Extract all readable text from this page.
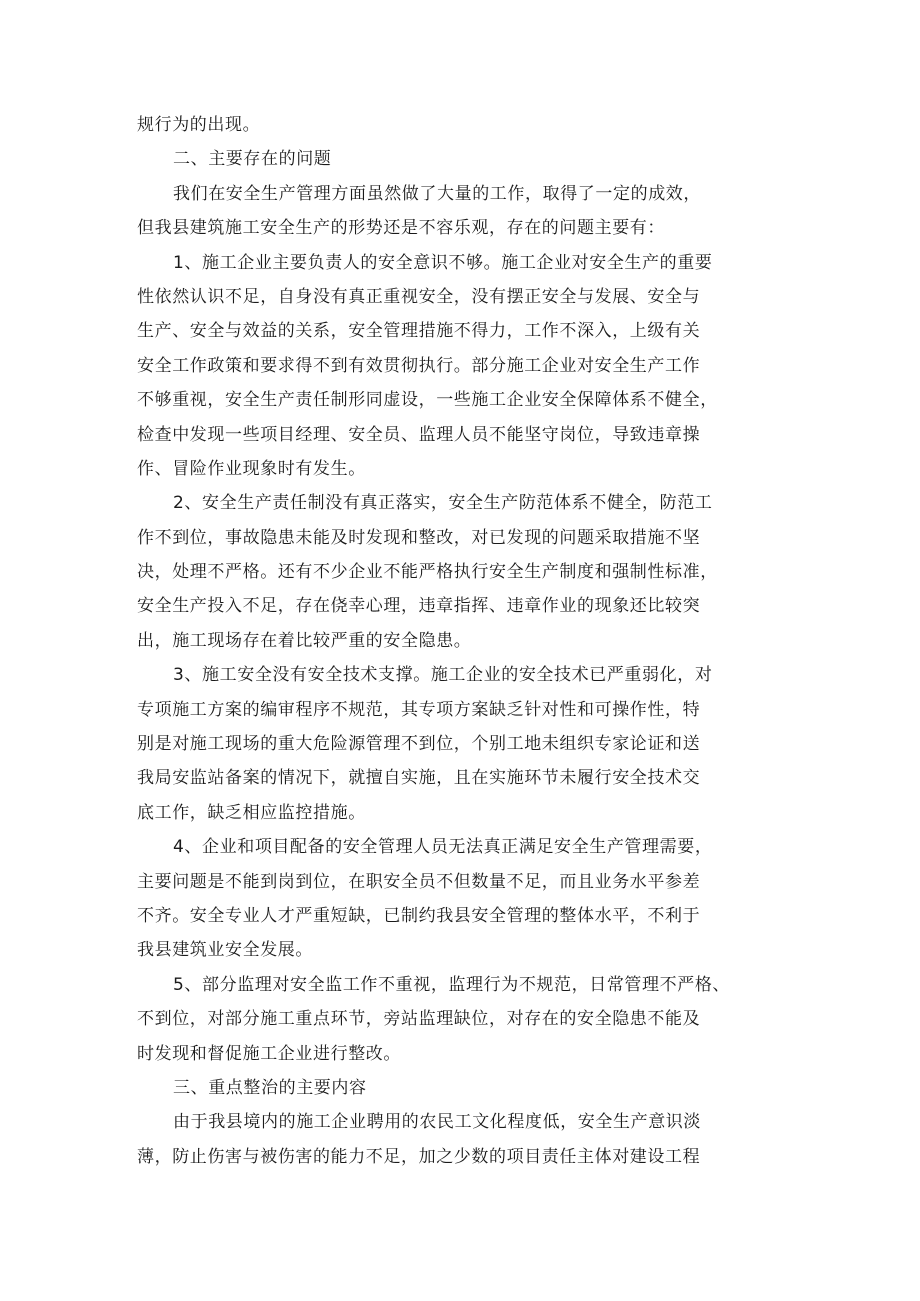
规行为的出现。
二、主要存在的问题
我们在安全生产管理方面虽然做了大量的工作，取得了一定的成效，
但我县建筑施工安全生产的形势还是不容乐观，存在的问题主要有：
1、施工企业主要负责人的安全意识不够。施工企业对安全生产的重要
性依然认识不足，自身没有真正重视安全，没有摆正安全与发展、安全与
生产、安全与效益的关系，安全管理措施不得力，工作不深入，上级有关
安全工作政策和要求得不到有效贯彻执行。部分施工企业对安全生产工作
不够重视，安全生产责任制形同虚设，一些施工企业安全保障体系不健全，
检查中发现一些项目经理、安全员、监理人员不能坚守岗位，导致违章操
作、冒险作业现象时有发生。
2、安全生产责任制没有真正落实，安全生产防范体系不健全，防范工
作不到位，事故隐患未能及时发现和整改，对已发现的问题采取措施不坚
决，处理不严格。还有不少企业不能严格执行安全生产制度和强制性标准，
安全生产投入不足，存在侥幸心理，违章指挥、违章作业的现象还比较突
出，施工现场存在着比较严重的安全隐患。
3、施工安全没有安全技术支撑。施工企业的安全技术已严重弱化，对
专项施工方案的编审程序不规范，其专项方案缺乏针对性和可操作性，特
别是对施工现场的重大危险源管理不到位，个别工地未组织专家论证和送
我局安监站备案的情况下，就擅自实施，且在实施环节未履行安全技术交
底工作，缺乏相应监控措施。
4、企业和项目配备的安全管理人员无法真正满足安全生产管理需要，
主要问题是不能到岗到位，在职安全员不但数量不足，而且业务水平参差
不齐。安全专业人才严重短缺，已制约我县安全管理的整体水平，不利于
我县建筑业安全发展。
5、部分监理对安全监工作不重视，监理行为不规范，日常管理不严格、
不到位，对部分施工重点环节，旁站监理缺位，对存在的安全隐患不能及
时发现和督促施工企业进行整改。
三、重点整治的主要内容
由于我县境内的施工企业聘用的农民工文化程度低，安全生产意识淡
薄，防止伤害与被伤害的能力不足，加之少数的项目责任主体对建设工程
